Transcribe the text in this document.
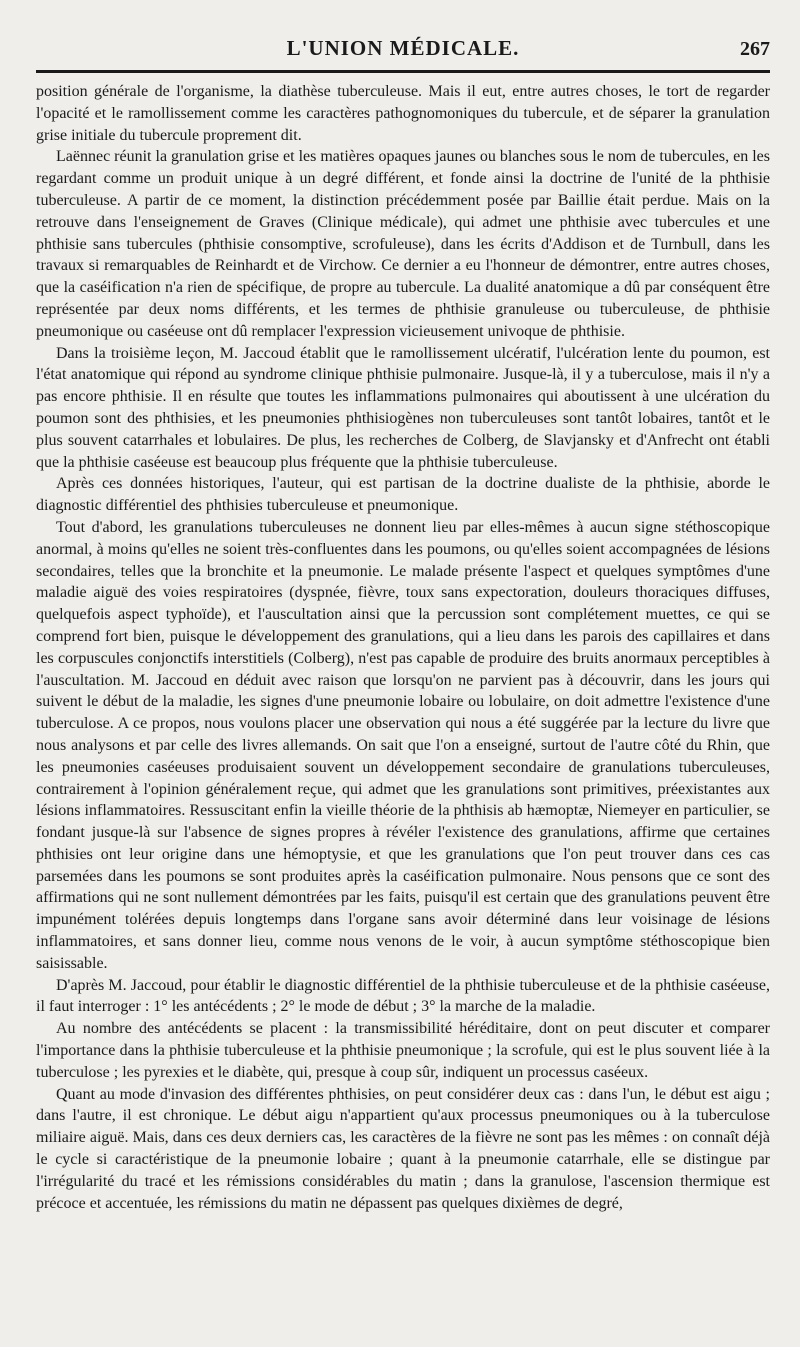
L'UNION MÉDICALE.	267

position générale de l'organisme, la diathèse tuberculeuse. Mais il eut, entre autres choses, le tort de regarder l'opacité et le ramollissement comme les caractères pathognomoniques du tubercule, et de séparer la granulation grise initiale du tubercule proprement dit.

Laënnec réunit la granulation grise et les matières opaques jaunes ou blanches sous le nom de tubercules, en les regardant comme un produit unique à un degré différent, et fonde ainsi la doctrine de l'unité de la phthisie tuberculeuse. A partir de ce moment, la distinction précédemment posée par Baillie était perdue. Mais on la retrouve dans l'enseignement de Graves (Clinique médicale), qui admet une phthisie avec tubercules et une phthisie sans tubercules (phthisie consomptive, scrofuleuse), dans les écrits d'Addison et de Turnbull, dans les travaux si remarquables de Reinhardt et de Virchow. Ce dernier a eu l'honneur de démontrer, entre autres choses, que la caséification n'a rien de spécifique, de propre au tubercule. La dualité anatomique a dû par conséquent être représentée par deux noms différents, et les termes de phthisie granuleuse ou tuberculeuse, de phthisie pneumonique ou caséeuse ont dû remplacer l'expression vicieusement univoque de phthisie.

Dans la troisième leçon, M. Jaccoud établit que le ramollissement ulcératif, l'ulcération lente du poumon, est l'état anatomique qui répond au syndrome clinique phthisie pulmonaire. Jusque-là, il y a tuberculose, mais il n'y a pas encore phthisie. Il en résulte que toutes les inflammations pulmonaires qui aboutissent à une ulcération du poumon sont des phthisies, et les pneumonies phthisiogènes non tuberculeuses sont tantôt lobaires, tantôt et le plus souvent catarrhales et lobulaires. De plus, les recherches de Colberg, de Slavjansky et d'Anfrecht ont établi que la phthisie caséeuse est beaucoup plus fréquente que la phthisie tuberculeuse.

Après ces données historiques, l'auteur, qui est partisan de la doctrine dualiste de la phthisie, aborde le diagnostic différentiel des phthisies tuberculeuse et pneumonique.

Tout d'abord, les granulations tuberculeuses ne donnent lieu par elles-mêmes à aucun signe stéthoscopique anormal, à moins qu'elles ne soient très-confluentes dans les poumons, ou qu'elles soient accompagnées de lésions secondaires, telles que la bronchite et la pneumonie. Le malade présente l'aspect et quelques symptômes d'une maladie aiguë des voies respiratoires (dyspnée, fièvre, toux sans expectoration, douleurs thoraciques diffuses, quelquefois aspect typhoïde), et l'auscultation ainsi que la percussion sont complétement muettes, ce qui se comprend fort bien, puisque le développement des granulations, qui a lieu dans les parois des capillaires et dans les corpuscules conjonctifs interstitiels (Colberg), n'est pas capable de produire des bruits anormaux perceptibles à l'auscultation. M. Jaccoud en déduit avec raison que lorsqu'on ne parvient pas à découvrir, dans les jours qui suivent le début de la maladie, les signes d'une pneumonie lobaire ou lobulaire, on doit admettre l'existence d'une tuberculose. A ce propos, nous voulons placer une observation qui nous a été suggérée par la lecture du livre que nous analysons et par celle des livres allemands. On sait que l'on a enseigné, surtout de l'autre côté du Rhin, que les pneumonies caséeuses produisaient souvent un développement secondaire de granulations tuberculeuses, contrairement à l'opinion généralement reçue, qui admet que les granulations sont primitives, préexistantes aux lésions inflammatoires. Ressuscitant enfin la vieille théorie de la phthisis ab hæmoptæ, Niemeyer en particulier, se fondant jusque-là sur l'absence de signes propres à révéler l'existence des granulations, affirme que certaines phthisies ont leur origine dans une hémoptysie, et que les granulations que l'on peut trouver dans ces cas parsemées dans les poumons se sont produites après la caséification pulmonaire. Nous pensons que ce sont des affirmations qui ne sont nullement démontrées par les faits, puisqu'il est certain que des granulations peuvent être impunément tolérées depuis longtemps dans l'organe sans avoir déterminé dans leur voisinage de lésions inflammatoires, et sans donner lieu, comme nous venons de le voir, à aucun symptôme stéthoscopique bien saisissable.

D'après M. Jaccoud, pour établir le diagnostic différentiel de la phthisie tuberculeuse et de la phthisie caséeuse, il faut interroger : 1° les antécédents ; 2° le mode de début ; 3° la marche de la maladie.

Au nombre des antécédents se placent : la transmissibilité héréditaire, dont on peut discuter et comparer l'importance dans la phthisie tuberculeuse et la phthisie pneumonique ; la scrofule, qui est le plus souvent liée à la tuberculose ; les pyrexies et le diabète, qui, presque à coup sûr, indiquent un processus caséeux.

Quant au mode d'invasion des différentes phthisies, on peut considérer deux cas : dans l'un, le début est aigu ; dans l'autre, il est chronique. Le début aigu n'appartient qu'aux processus pneumoniques ou à la tuberculose miliaire aiguë. Mais, dans ces deux derniers cas, les caractères de la fièvre ne sont pas les mêmes : on connaît déjà le cycle si caractéristique de la pneumonie lobaire ; quant à la pneumonie catarrhale, elle se distingue par l'irrégularité du tracé et les rémissions considérables du matin ; dans la granulose, l'ascension thermique est précoce et accentuée, les rémissions du matin ne dépassent pas quelques dixièmes de degré,
